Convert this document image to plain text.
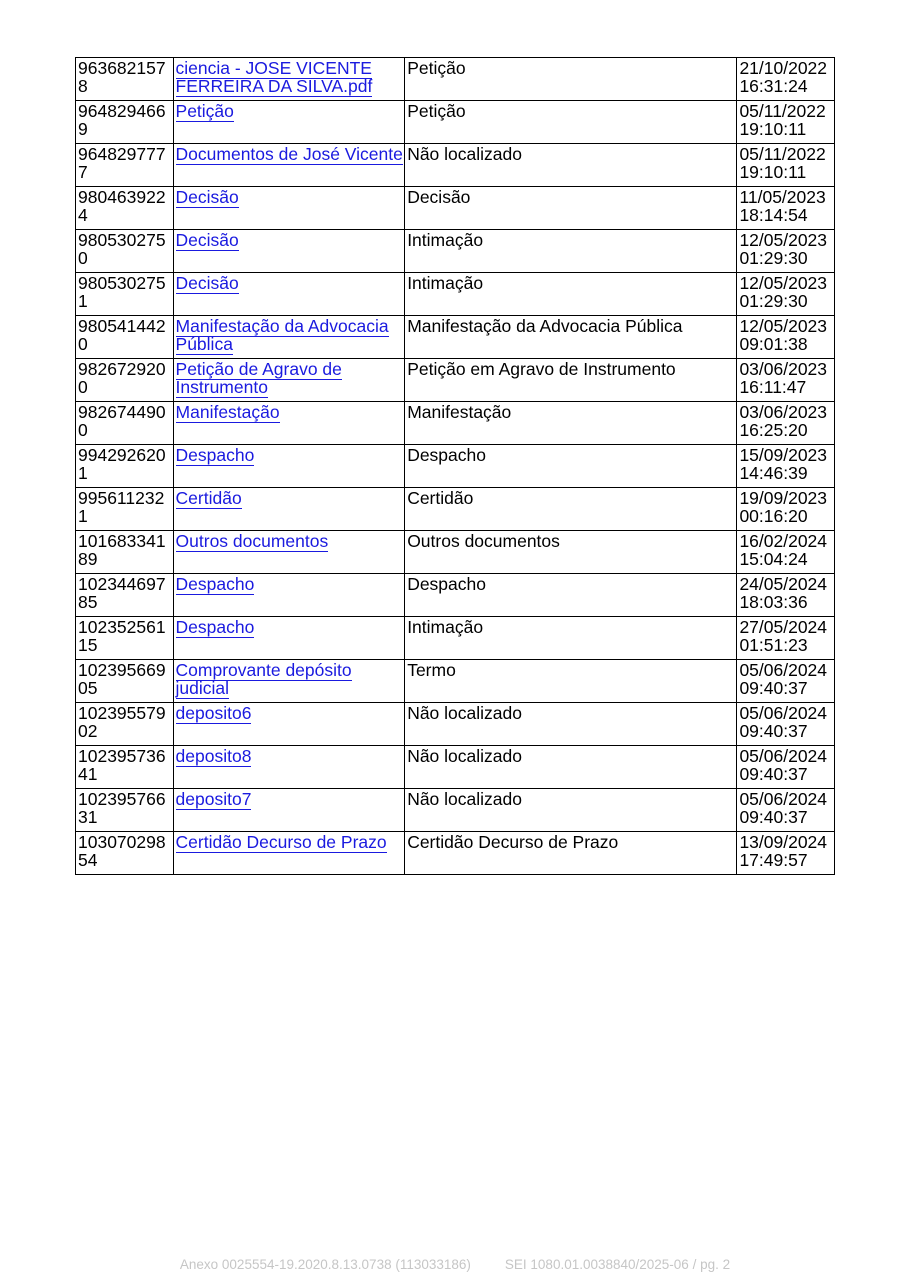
9636821578	ciencia - JOSE VICENTE FERREIRA DA SILVA.pdf	Petição	21/10/2022
16:31:24
9648294669	Petição	Petição	05/11/2022
19:10:11
9648297777	Documentos de José Vicente	Não localizado	05/11/2022
19:10:11
9804639224	Decisão	Decisão	11/05/2023
18:14:54
9805302750	Decisão	Intimação	12/05/2023
01:29:30
9805302751	Decisão	Intimação	12/05/2023
01:29:30
9805414420	Manifestação da Advocacia Pública	Manifestação da Advocacia Pública	12/05/2023
09:01:38
9826729200	Petição de Agravo de Instrumento	Petição em Agravo de Instrumento	03/06/2023
16:11:47
9826744900	Manifestação	Manifestação	03/06/2023
16:25:20
9942926201	Despacho	Despacho	15/09/2023
14:46:39
9956112321	Certidão	Certidão	19/09/2023
00:16:20
10168334189	Outros documentos	Outros documentos	16/02/2024
15:04:24
10234469785	Despacho	Despacho	24/05/2024
18:03:36
10235256115	Despacho	Intimação	27/05/2024
01:51:23
10239566905	Comprovante depósito judicial	Termo	05/06/2024
09:40:37
10239557902	deposito6	Não localizado	05/06/2024
09:40:37
10239573641	deposito8	Não localizado	05/06/2024
09:40:37
10239576631	deposito7	Não localizado	05/06/2024
09:40:37
10307029854	Certidão Decurso de Prazo	Certidão Decurso de Prazo	13/09/2024
17:49:57
Anexo 0025554-19.2020.8.13.0738 (113033186)	SEI 1080.01.0038840/2025-06 / pg. 2
